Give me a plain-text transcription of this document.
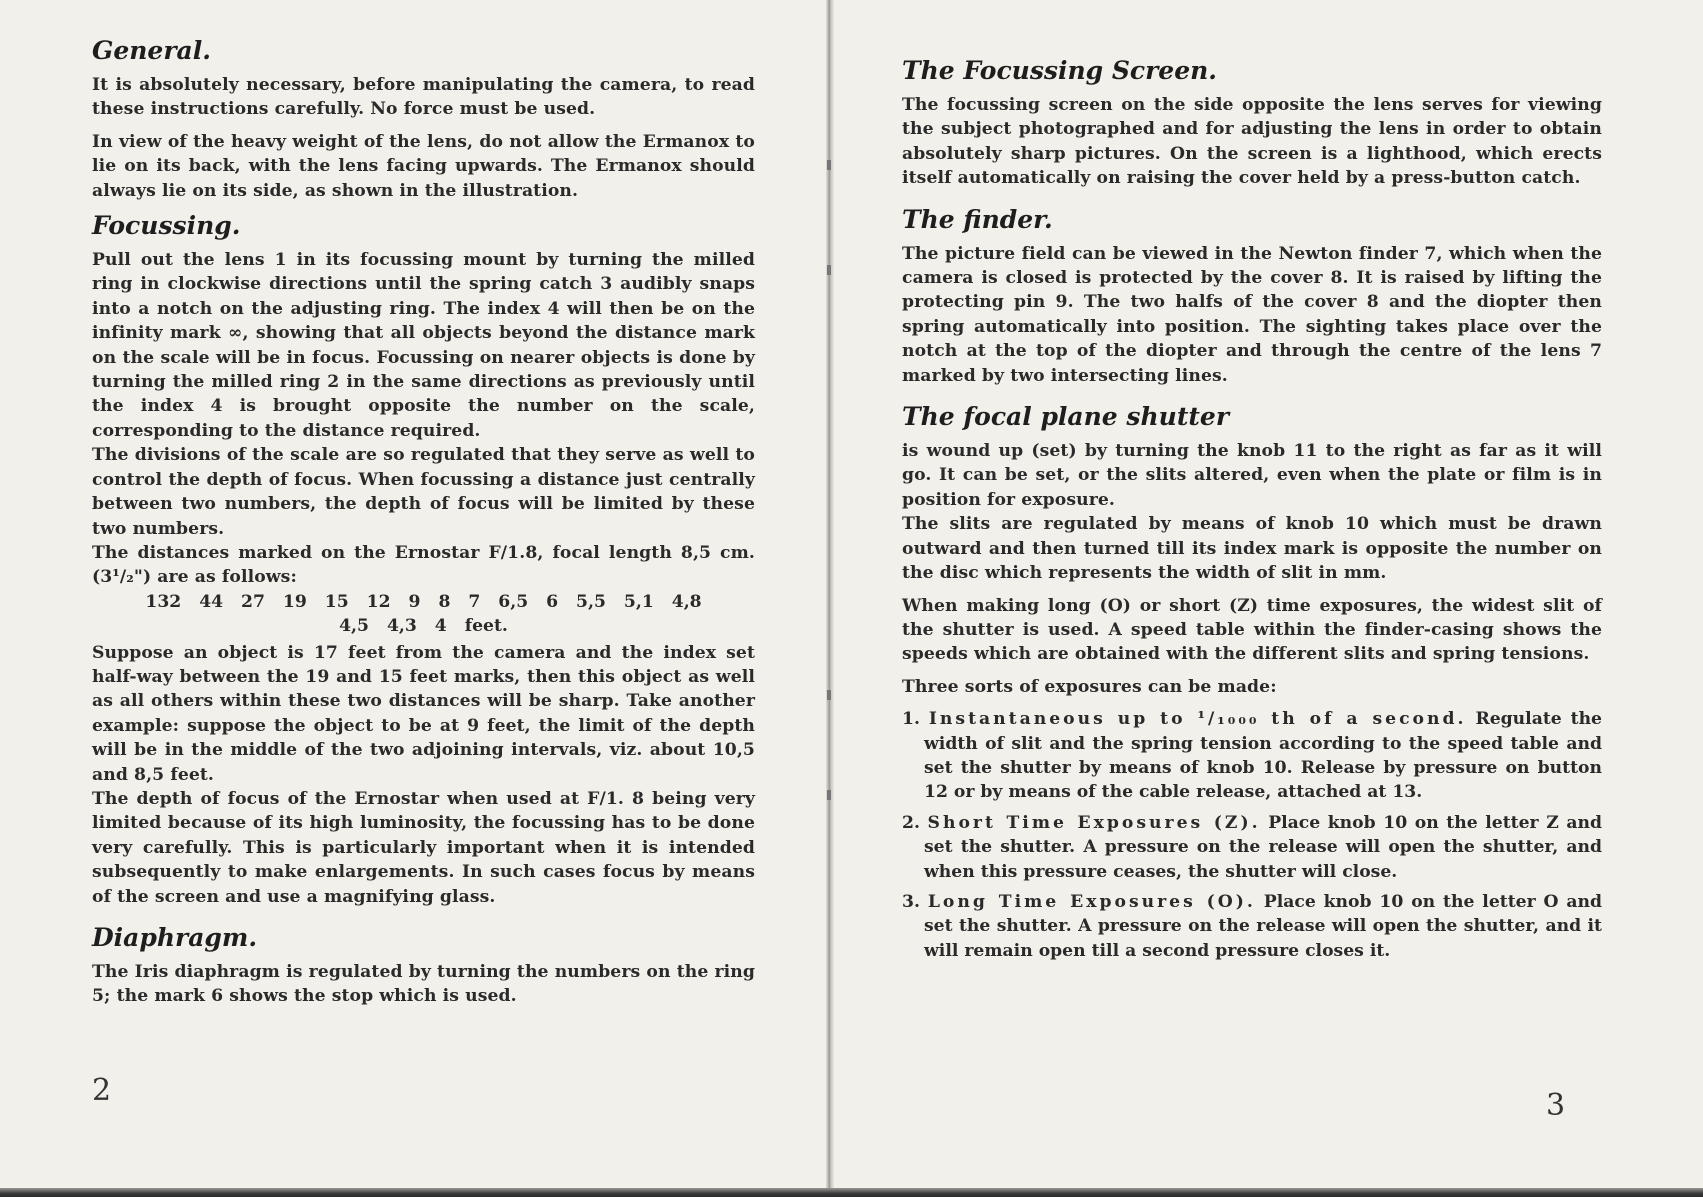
General.

It is absolutely necessary, before manipulating the camera, to read these instructions carefully. No force must be used.

In view of the heavy weight of the lens, do not allow the Ermanox to lie on its back, with the lens facing upwards. The Ermanox should always lie on its side, as shown in the illustration.

Focussing.

Pull out the lens 1 in its focussing mount by turning the milled ring in clockwise directions until the spring catch 3 audibly snaps into a notch on the adjusting ring. The index 4 will then be on the infinity mark ∞, showing that all objects beyond the distance mark on the scale will be in focus. Focussing on nearer objects is done by turning the milled ring 2 in the same directions as previously until the index 4 is brought opposite the number on the scale, corresponding to the distance required.

The divisions of the scale are so regulated that they serve as well to control the depth of focus. When focussing a distance just centrally between two numbers, the depth of focus will be limited by these two numbers.

The distances marked on the Ernostar F/1.8, focal length 8,5 cm. (3¹/₂") are as follows:

132   44   27   19   15   12   9   8   7   6,5   6   5,5   5,1   4,8
4,5   4,3   4   feet.

Suppose an object is 17 feet from the camera and the index set half-way between the 19 and 15 feet marks, then this object as well as all others within these two distances will be sharp. Take another example: suppose the object to be at 9 feet, the limit of the depth will be in the middle of the two adjoining intervals, viz. about 10,5 and 8,5 feet.

The depth of focus of the Ernostar when used at F/1. 8 being very limited because of its high luminosity, the focussing has to be done very carefully. This is particularly important when it is intended subsequently to make enlargements. In such cases focus by means of the screen and use a magnifying glass.

Diaphragm.

The Iris diaphragm is regulated by turning the numbers on the ring 5; the mark 6 shows the stop which is used.

2
The Focussing Screen.

The focussing screen on the side opposite the lens serves for viewing the subject photographed and for adjusting the lens in order to obtain absolutely sharp pictures. On the screen is a lighthood, which erects itself automatically on raising the cover held by a press-button catch.

The finder.

The picture field can be viewed in the Newton finder 7, which when the camera is closed is protected by the cover 8. It is raised by lifting the protecting pin 9. The two halfs of the cover 8 and the diopter then spring automatically into position. The sighting takes place over the notch at the top of the diopter and through the centre of the lens 7 marked by two intersecting lines.

The focal plane shutter

is wound up (set) by turning the knob 11 to the right as far as it will go. It can be set, or the slits altered, even when the plate or film is in position for exposure.

The slits are regulated by means of knob 10 which must be drawn outward and then turned till its index mark is opposite the number on the disc which represents the width of slit in mm.

When making long (O) or short (Z) time exposures, the widest slit of the shutter is used. A speed table within the finder-casing shows the speeds which are obtained with the different slits and spring tensions.

Three sorts of exposures can be made:

1. Instantaneous up to ¹/₁₀₀₀ th of a second. Regulate the width of slit and the spring tension according to the speed table and set the shutter by means of knob 10. Release by pressure on button 12 or by means of the cable release, attached at 13.
2. Short Time Exposures (Z). Place knob 10 on the letter Z and set the shutter. A pressure on the release will open the shutter, and when this pressure ceases, the shutter will close.
3. Long Time Exposures (O). Place knob 10 on the letter O and set the shutter. A pressure on the release will open the shutter, and it will remain open till a second pressure closes it.
3
